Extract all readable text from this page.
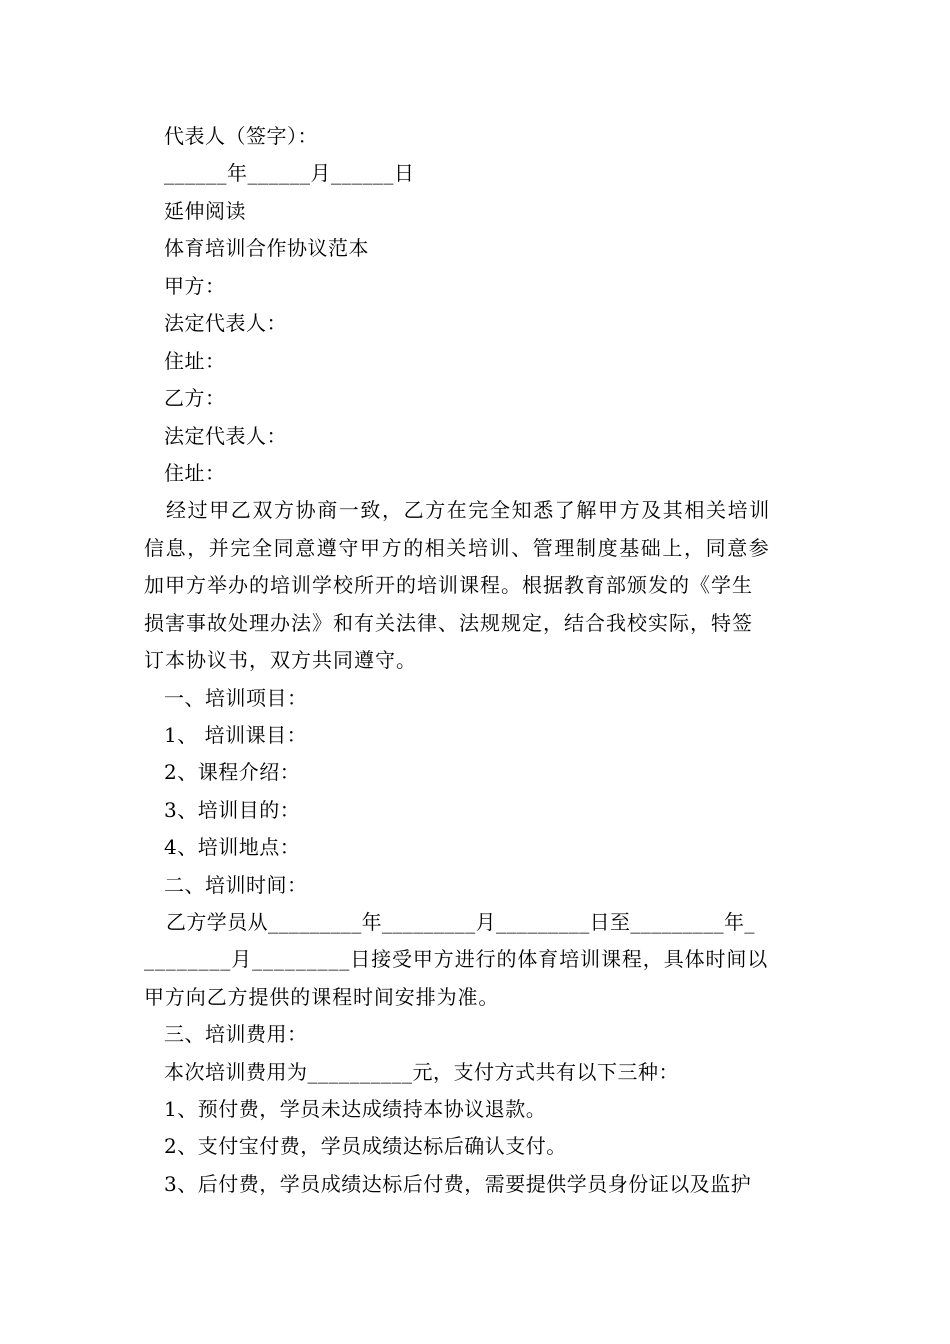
代表人（签字）：
______年______月______日
延伸阅读
体育培训合作协议范本
甲方：
法定代表人：
住址：
乙方：
法定代表人：
住址：
经过甲乙双方协商一致，乙方在完全知悉了解甲方及其相关培训
信息，并完全同意遵守甲方的相关培训、管理制度基础上，同意参
加甲方举办的培训学校所开的培训课程。根据教育部颁发的《学生
损害事故处理办法》和有关法律、法规规定，结合我校实际，特签
订本协议书，双方共同遵守。
一、培训项目：
1、 培训课目：
2、课程介绍：
3、培训目的：
4、培训地点：
二、培训时间：
乙方学员从_________年_________月_________日至_________年_
________月_________日接受甲方进行的体育培训课程，具体时间以
甲方向乙方提供的课程时间安排为准。
三、培训费用：
本次培训费用为__________元，支付方式共有以下三种：
1、预付费，学员未达成绩持本协议退款。
2、支付宝付费，学员成绩达标后确认支付。
3、后付费，学员成绩达标后付费，需要提供学员身份证以及监护
